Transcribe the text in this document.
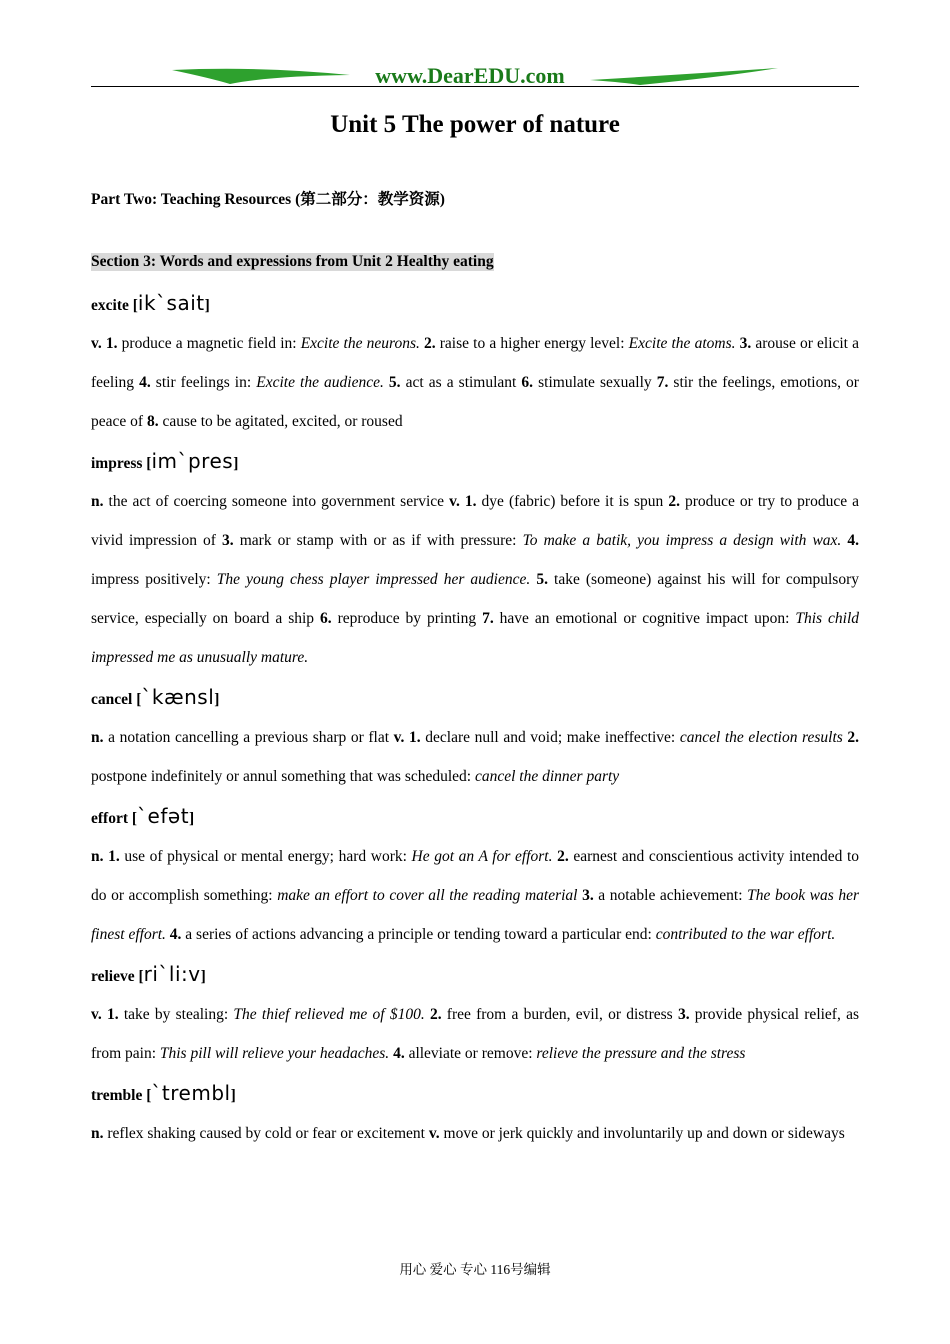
www.DearEDU.com
Unit 5 The power of nature
Part Two: Teaching Resources (第二部分：教学资源)
Section 3: Words and expressions from Unit 2 Healthy eating
excite [ik`sait]

v. 1. produce a magnetic field in: Excite the neurons. 2. raise to a higher energy level: Excite the atoms. 3. arouse or elicit a feeling 4. stir feelings in: Excite the audience. 5. act as a stimulant 6. stimulate sexually 7. stir the feelings, emotions, or peace of 8. cause to be agitated, excited, or roused

impress [im`pres]

n. the act of coercing someone into government service v. 1. dye (fabric) before it is spun 2. produce or try to produce a vivid impression of 3. mark or stamp with or as if with pressure: To make a batik, you impress a design with wax. 4. impress positively: The young chess player impressed her audience. 5. take (someone) against his will for compulsory service, especially on board a ship 6. reproduce by printing 7. have an emotional or cognitive impact upon: This child impressed me as unusually mature.

cancel [`kænsl]

n. a notation cancelling a previous sharp or flat v. 1. declare null and void; make ineffective: cancel the election results 2. postpone indefinitely or annul something that was scheduled: cancel the dinner party

effort [`efət]

n. 1. use of physical or mental energy; hard work: He got an A for effort. 2. earnest and conscientious activity intended to do or accomplish something: make an effort to cover all the reading material 3. a notable achievement: The book was her finest effort. 4. a series of actions advancing a principle or tending toward a particular end: contributed to the war effort.

relieve [ri`li:v]

v. 1. take by stealing: The thief relieved me of $100. 2. free from a burden, evil, or distress 3. provide physical relief, as from pain: This pill will relieve your headaches. 4. alleviate or remove: relieve the pressure and the stress

tremble [`trembl]

n. reflex shaking caused by cold or fear or excitement v. move or jerk quickly and involuntarily up and down or sideways

用心 爱心 专心 116号编辑
